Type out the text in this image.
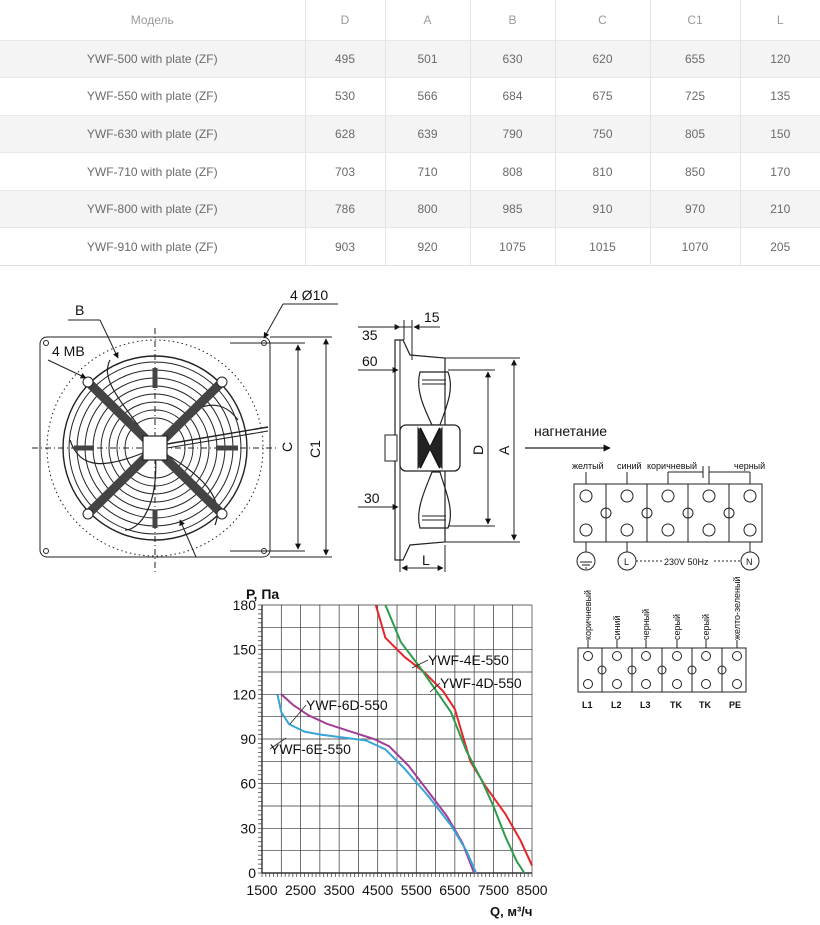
Модель	D	A	B	C	C1	L
YWF-500 with plate (ZF)	495	501	630	620	655	120
YWF-550 with plate (ZF)	530	566	684	675	725	135
YWF-630 with plate (ZF)	628	639	790	750	805	150
YWF-710 with plate (ZF)	703	710	808	810	850	170
YWF-800 with plate (ZF)	786	800	985	910	970	210
YWF-910 with plate (ZF)	903	920	1075	1015	1070	205
B
4 Ø10
4 MB
C C1
35
15
60
30
D A
L
нагнетание
желтый синий коричневый	черный
L	N
230V 50Hz
коричневый синий черный серый серый желто-зеленый
L1 L2 L3 TK TK PE
1500 2500 3500 4500 5500 6500 7500 8500
0
30
60
90
120
150
180
P, Па
Q, м³/ч
YWF-4E-550
YWF-4D-550
YWF-6D-550
YWF-6E-550
